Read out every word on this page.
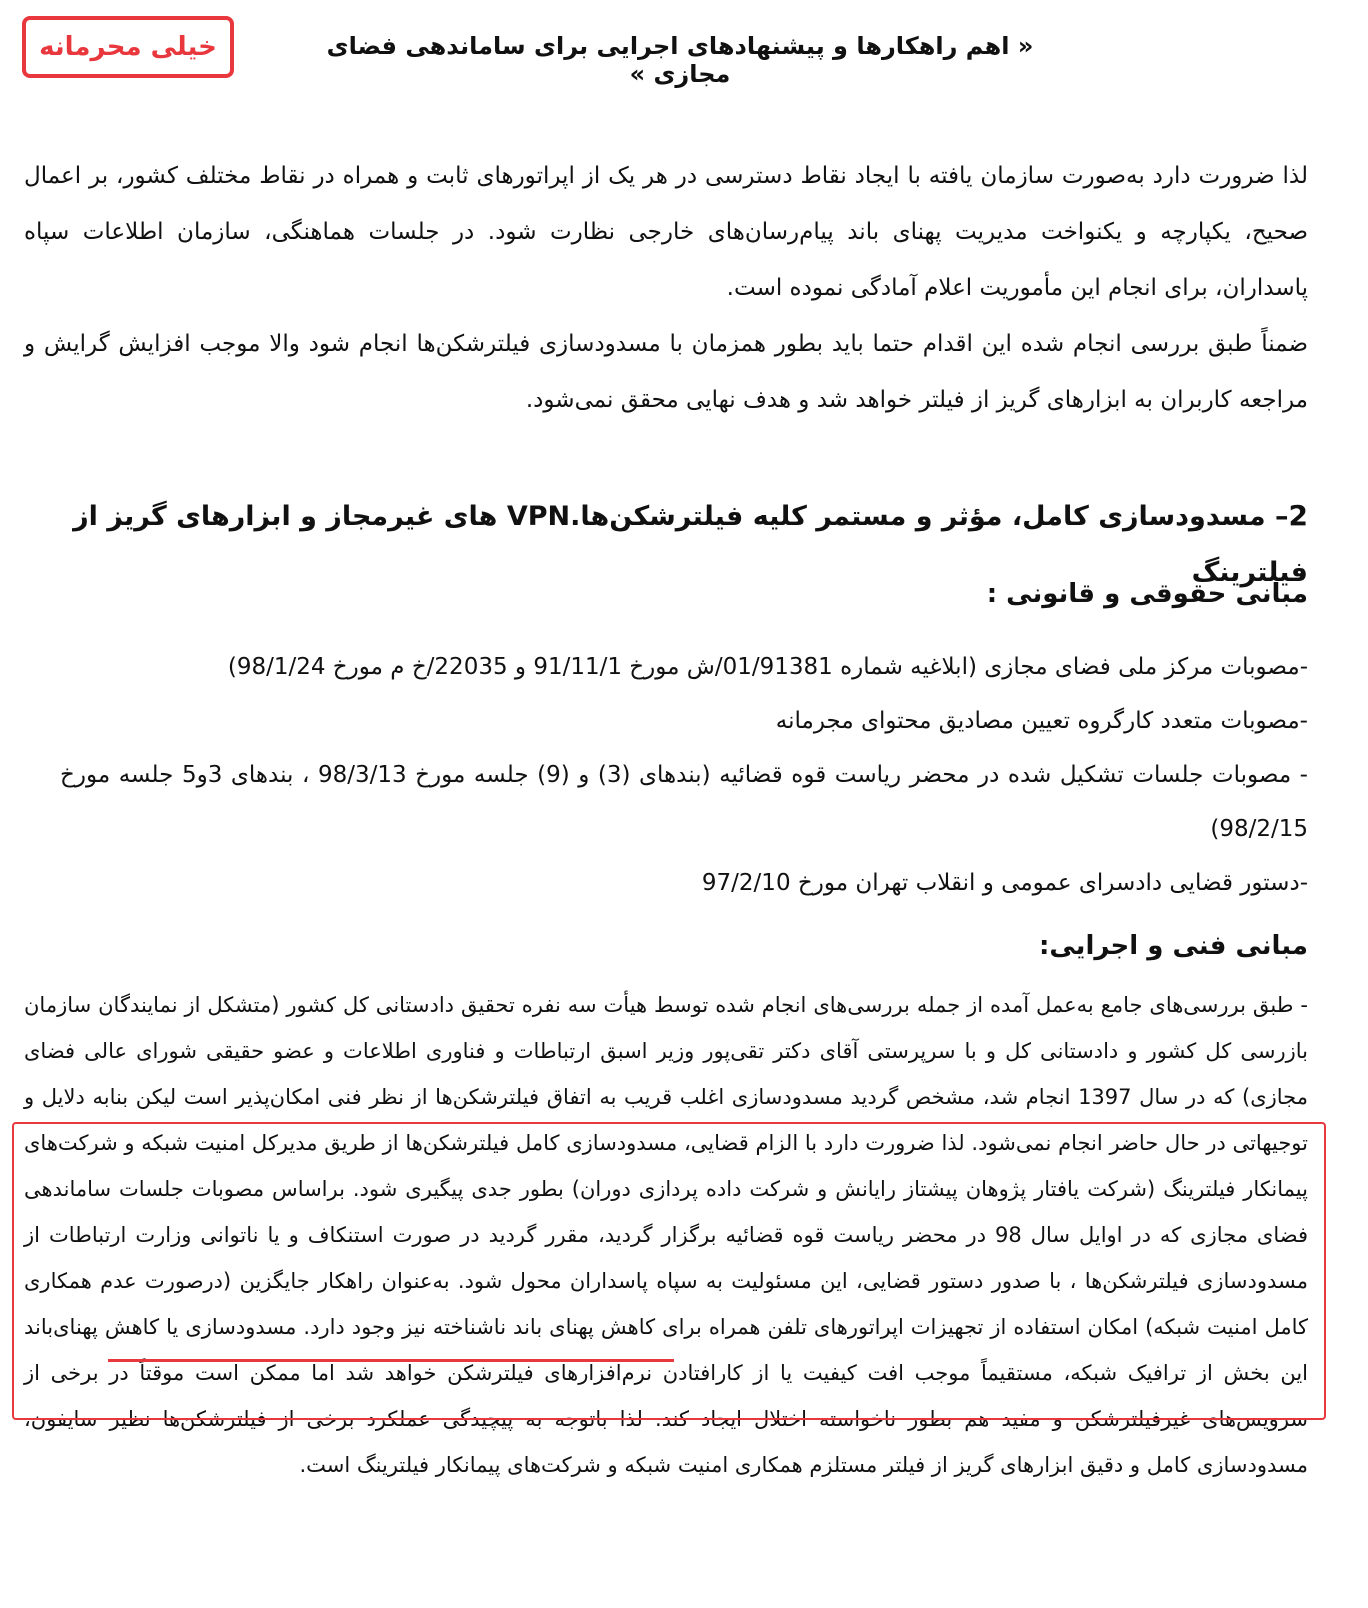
خیلی محرمانه	« اهم راهکارها و پیشنهادهای اجرایی برای ساماندهی فضای مجازی »

لذا ضرورت دارد به‌صورت سازمان یافته با ایجاد نقاط دسترسی در هر یک از اپراتورهای ثابت و همراه در نقاط مختلف کشور، بر اعمال صحیح، یکپارچه و یکنواخت مدیریت پهنای باند پیام‌رسان‌های خارجی نظارت شود. در جلسات هماهنگی، سازمان اطلاعات سپاه پاسداران، برای انجام این مأموریت اعلام آمادگی نموده است.

ضمناً طبق بررسی انجام شده این اقدام حتما باید بطور همزمان با مسدودسازی فیلترشکن‌ها انجام شود والا موجب افزایش گرایش و مراجعه کاربران به ابزارهای گریز از فیلتر خواهد شد و هدف نهایی محقق نمی‌شود.

2– مسدودسازی کامل، مؤثر و مستمر کلیه فیلترشکن‌ها.VPN های غیرمجاز و ابزارهای گریز از فیلترینگ
مبانی حقوقی و قانونی :

-مصوبات مرکز ملی فضای مجازی (ابلاغیه شماره 01/91381/ش مورخ 91/11/1 و 22035/خ م مورخ 98/1/24)

-مصوبات متعدد کارگروه تعیین مصادیق محتوای مجرمانه

- مصوبات جلسات تشکیل شده در محضر ریاست قوه قضائیه (بندهای (3) و (9) جلسه مورخ 98/3/13 ، بندهای 3و5 جلسه مورخ 98/2/15)

-دستور قضایی دادسرای عمومی و انقلاب تهران مورخ 97/2/10

مبانی فنی و اجرایی:

- طبق بررسی‌های جامع به‌عمل آمده از جمله بررسی‌های انجام شده توسط هیأت سه نفره تحقیق دادستانی کل کشور (متشکل از نمایندگان سازمان بازرسی کل کشور و دادستانی کل و با سرپرستی آقای دکتر تقی‌پور وزیر اسبق ارتباطات و فناوری اطلاعات و عضو حقیقی شورای عالی فضای مجازی) که در سال 1397 انجام شد، مشخص گردید مسدودسازی اغلب قریب به اتفاق فیلترشکن‌ها از نظر فنی امکان‌پذیر است لیکن بنابه دلایل و توجیهاتی در حال حاضر انجام نمی‌شود. لذا ضرورت دارد با الزام قضایی، مسدودسازی کامل فیلترشکن‌ها از طریق مدیرکل امنیت شبکه و شرکت‌های پیمانکار فیلترینگ (شرکت یافتار پژوهان پیشتاز رایانش و شرکت داده پردازی دوران) بطور جدی پیگیری شود. براساس مصوبات جلسات ساماندهی فضای مجازی که در اوایل سال 98 در محضر ریاست قوه قضائیه برگزار گردید، مقرر گردید در صورت استنکاف و یا ناتوانی وزارت ارتباطات از مسدودسازی فیلترشکن‌ها ، با صدور دستور قضایی، این مسئولیت به سپاه پاسداران محول شود. به‌عنوان راهکار جایگزین (درصورت عدم همکاری کامل امنیت شبکه) امکان استفاده از تجهیزات اپراتورهای تلفن همراه برای کاهش پهنای باند ناشناخته نیز وجود دارد. مسدودسازی یا کاهش پهنای‌باند این بخش از ترافیک شبکه، مستقیماً موجب افت کیفیت یا از کارافتادن نرم‌افزارهای فیلترشکن خواهد شد اما ممکن است موقتاً در برخی از سرویس‌های غیرفیلترشکن و مفید هم بطور ناخواسته اختلال ایجاد کند. لذا باتوجه به پیچیدگی عملکرد برخی از فیلترشکن‌ها نظیر سایفون، مسدودسازی کامل و دقیق ابزارهای گریز از فیلتر مستلزم همکاری امنیت شبکه و شرکت‌های پیمانکار فیلترینگ است.
